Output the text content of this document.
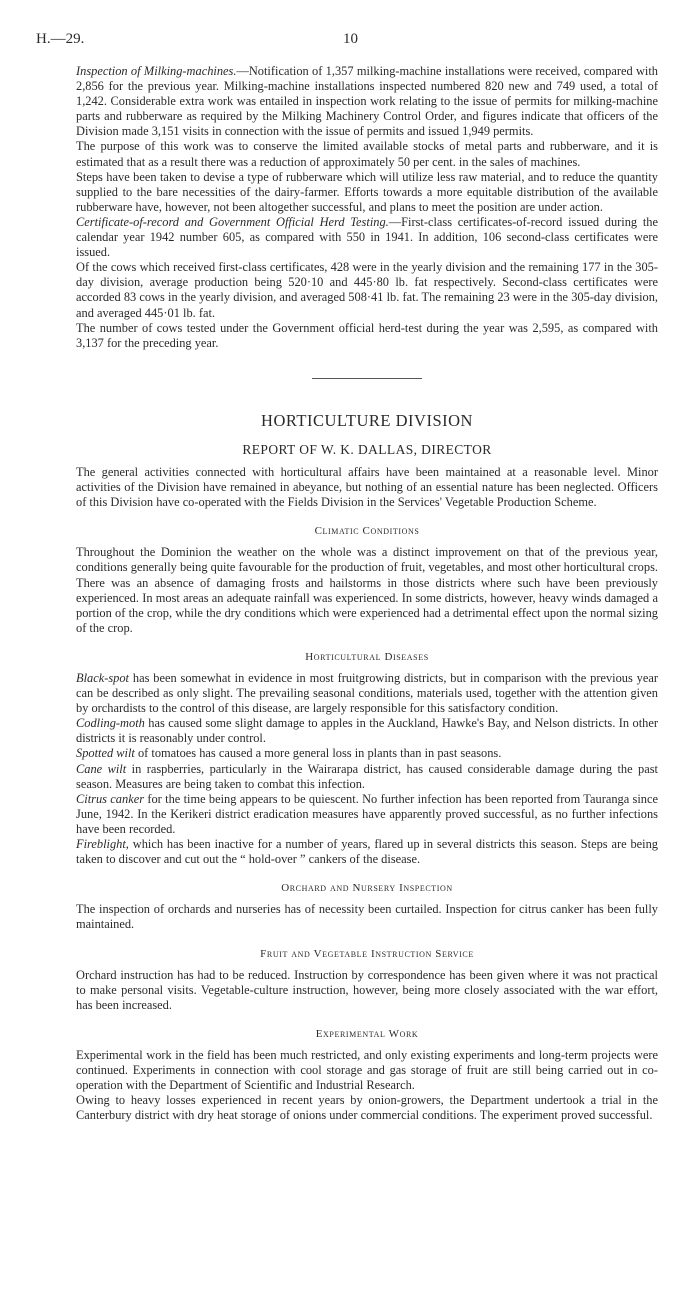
H.—29.	10

Inspection of Milking-machines.—Notification of 1,357 milking-machine installations were received, compared with 2,856 for the previous year. Milking-machine installations inspected numbered 820 new and 749 used, a total of 1,242. Considerable extra work was entailed in inspection work relating to the issue of permits for milking-machine parts and rubberware as required by the Milking Machinery Control Order, and figures indicate that officers of the Division made 3,151 visits in connection with the issue of permits and issued 1,949 permits.

The purpose of this work was to conserve the limited available stocks of metal parts and rubberware, and it is estimated that as a result there was a reduction of approximately 50 per cent. in the sales of machines.

Steps have been taken to devise a type of rubberware which will utilize less raw material, and to reduce the quantity supplied to the bare necessities of the dairy-farmer. Efforts towards a more equitable distribution of the available rubberware have, however, not been altogether successful, and plans to meet the position are under action.

Certificate-of-record and Government Official Herd Testing.—First-class certificates-of-record issued during the calendar year 1942 number 605, as compared with 550 in 1941. In addition, 106 second-class certificates were issued.

Of the cows which received first-class certificates, 428 were in the yearly division and the remaining 177 in the 305-day division, average production being 520·10 and 445·80 lb. fat respectively. Second-class certificates were accorded 83 cows in the yearly division, and averaged 508·41 lb. fat. The remaining 23 were in the 305-day division, and averaged 445·01 lb. fat.

The number of cows tested under the Government official herd-test during the year was 2,595, as compared with 3,137 for the preceding year.

HORTICULTURE DIVISION
REPORT OF W. K. DALLAS, DIRECTOR

The general activities connected with horticultural affairs have been maintained at a reasonable level. Minor activities of the Division have remained in abeyance, but nothing of an essential nature has been neglected. Officers of this Division have co-operated with the Fields Division in the Services' Vegetable Production Scheme.

Climatic Conditions

Throughout the Dominion the weather on the whole was a distinct improvement on that of the previous year, conditions generally being quite favourable for the production of fruit, vegetables, and most other horticultural crops. There was an absence of damaging frosts and hailstorms in those districts where such have been previously experienced. In most areas an adequate rainfall was experienced. In some districts, however, heavy winds damaged a portion of the crop, while the dry conditions which were experienced had a detrimental effect upon the normal sizing of the crop.

Horticultural Diseases

Black-spot has been somewhat in evidence in most fruitgrowing districts, but in comparison with the previous year can be described as only slight. The prevailing seasonal conditions, materials used, together with the attention given by orchardists to the control of this disease, are largely responsible for this satisfactory condition.

Codling-moth has caused some slight damage to apples in the Auckland, Hawke's Bay, and Nelson districts. In other districts it is reasonably under control.

Spotted wilt of tomatoes has caused a more general loss in plants than in past seasons.

Cane wilt in raspberries, particularly in the Wairarapa district, has caused considerable damage during the past season. Measures are being taken to combat this infection.

Citrus canker for the time being appears to be quiescent. No further infection has been reported from Tauranga since June, 1942. In the Kerikeri district eradication measures have apparently proved successful, as no further infections have been recorded.

Fireblight, which has been inactive for a number of years, flared up in several districts this season. Steps are being taken to discover and cut out the “ hold-over ” cankers of the disease.

Orchard and Nursery Inspection

The inspection of orchards and nurseries has of necessity been curtailed. Inspection for citrus canker has been fully maintained.

Fruit and Vegetable Instruction Service

Orchard instruction has had to be reduced. Instruction by correspondence has been given where it was not practical to make personal visits. Vegetable-culture instruction, however, being more closely associated with the war effort, has been increased.

Experimental Work

Experimental work in the field has been much restricted, and only existing experiments and long-term projects were continued. Experiments in connection with cool storage and gas storage of fruit are still being carried out in co-operation with the Department of Scientific and Industrial Research.

Owing to heavy losses experienced in recent years by onion-growers, the Department undertook a trial in the Canterbury district with dry heat storage of onions under commercial conditions. The experiment proved successful.
